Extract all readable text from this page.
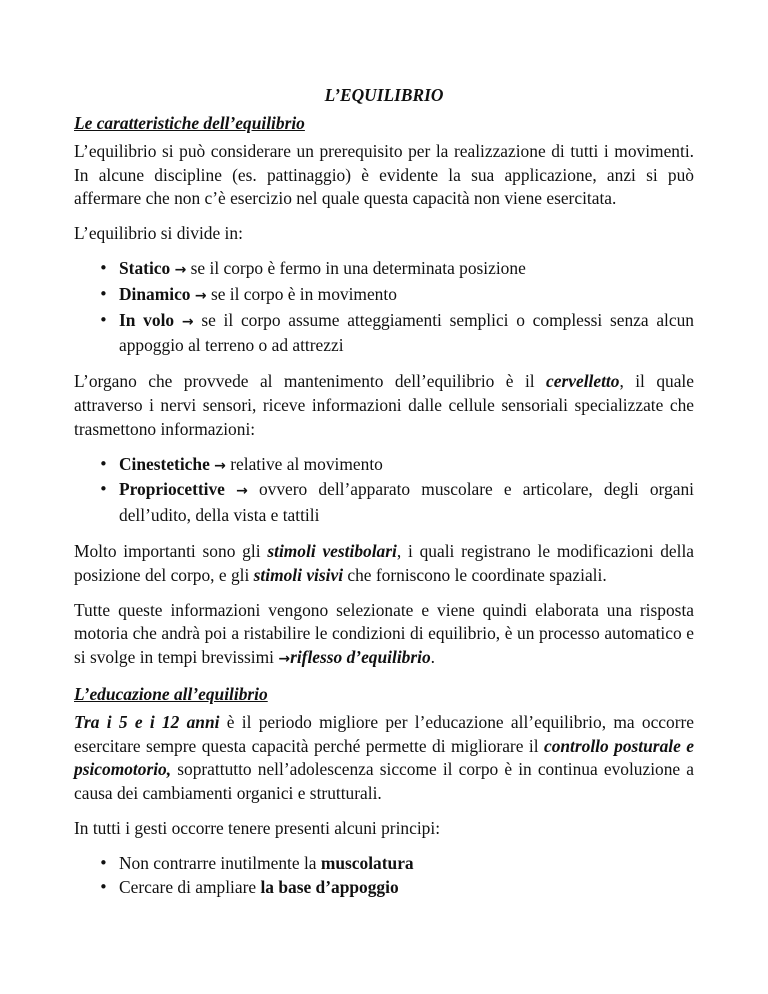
L’EQUILIBRIO
Le caratteristiche dell’equilibrio

L’equilibrio si può considerare un prerequisito per la realizzazione di tutti i movimenti. In alcune discipline (es. pattinaggio) è evidente la sua applicazione, anzi si può affermare che non c’è esercizio nel quale questa capacità non viene esercitata.

L’equilibrio si divide in:

• Statico → se il corpo è fermo in una determinata posizione
• Dinamico → se il corpo è in movimento
• In volo → se il corpo assume atteggiamenti semplici o complessi senza alcun appoggio al terreno o ad attrezzi

L’organo che provvede al mantenimento dell’equilibrio è il cervelletto, il quale attraverso i nervi sensori, riceve informazioni dalle cellule sensoriali specializzate che trasmettono informazioni:

• Cinestetiche → relative al movimento
• Propriocettive → ovvero dell’apparato muscolare e articolare, degli organi dell’udito, della vista e tattili

Molto importanti sono gli stimoli vestibolari, i quali registrano le modificazioni della posizione del corpo, e gli stimoli visivi che forniscono le coordinate spaziali.

Tutte queste informazioni vengono selezionate e viene quindi elaborata una risposta motoria che andrà poi a ristabilire le condizioni di equilibrio, è un processo automatico e si svolge in tempi brevissimi →riflesso d’equilibrio.

L’educazione all’equilibrio

Tra i 5 e i 12 anni è il periodo migliore per l’educazione all’equilibrio, ma occorre esercitare sempre questa capacità perché permette di migliorare il controllo posturale e psicomotorio, soprattutto nell’adolescenza siccome il corpo è in continua evoluzione a causa dei cambiamenti organici e strutturali.

In tutti i gesti occorre tenere presenti alcuni principi:

• Non contrarre inutilmente la muscolatura
• Cercare di ampliare la base d’appoggio
